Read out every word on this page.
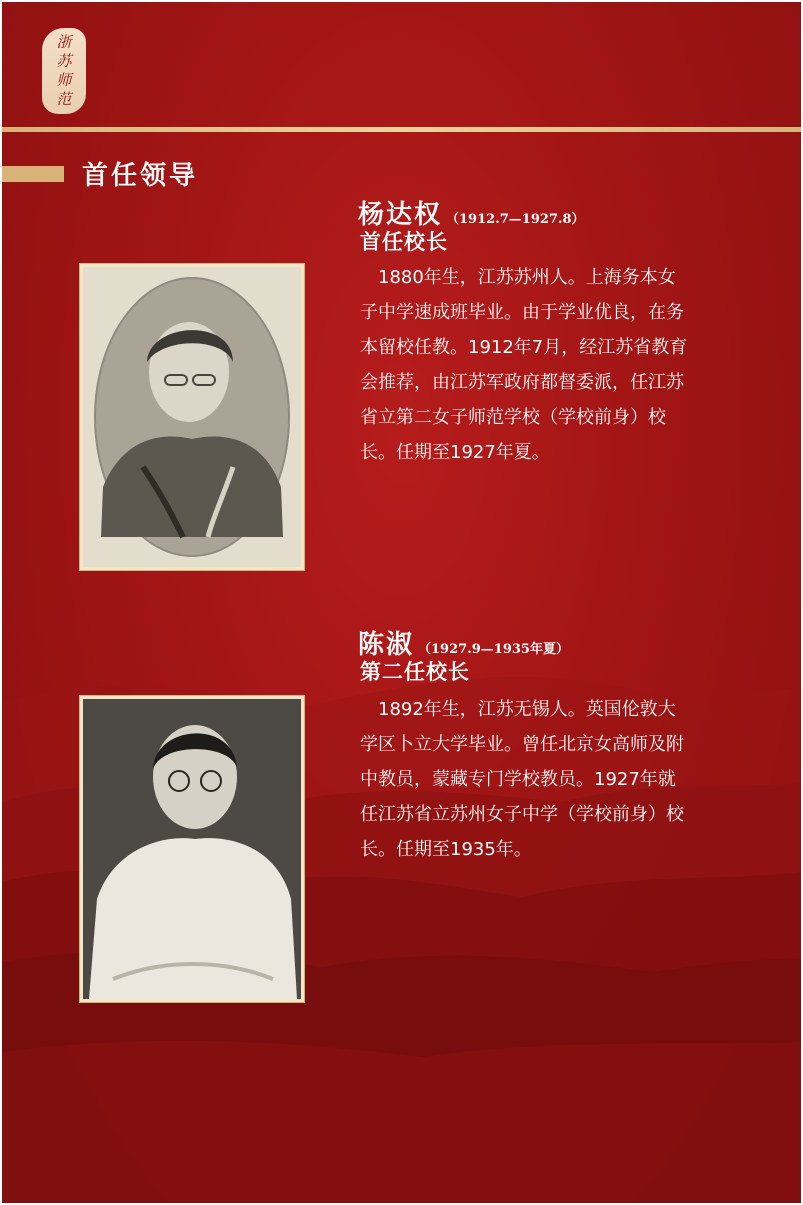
浙
苏
师
范
首任领导
杨达权 （1912.7—1927.8）
首任校长
　1880年生，江苏苏州人。上海务本女
子中学速成班毕业。由于学业优良，在务
本留校任教。1912年7月，经江苏省教育
会推荐，由江苏军政府都督委派，任江苏
省立第二女子师范学校（学校前身）校
长。任期至1927年夏。
陈淑 （1927.9—1935年夏）
第二任校长
　1892年生，江苏无锡人。英国伦敦大
学区卜立大学毕业。曾任北京女高师及附
中教员，蒙藏专门学校教员。1927年就
任江苏省立苏州女子中学（学校前身）校
长。任期至1935年。
